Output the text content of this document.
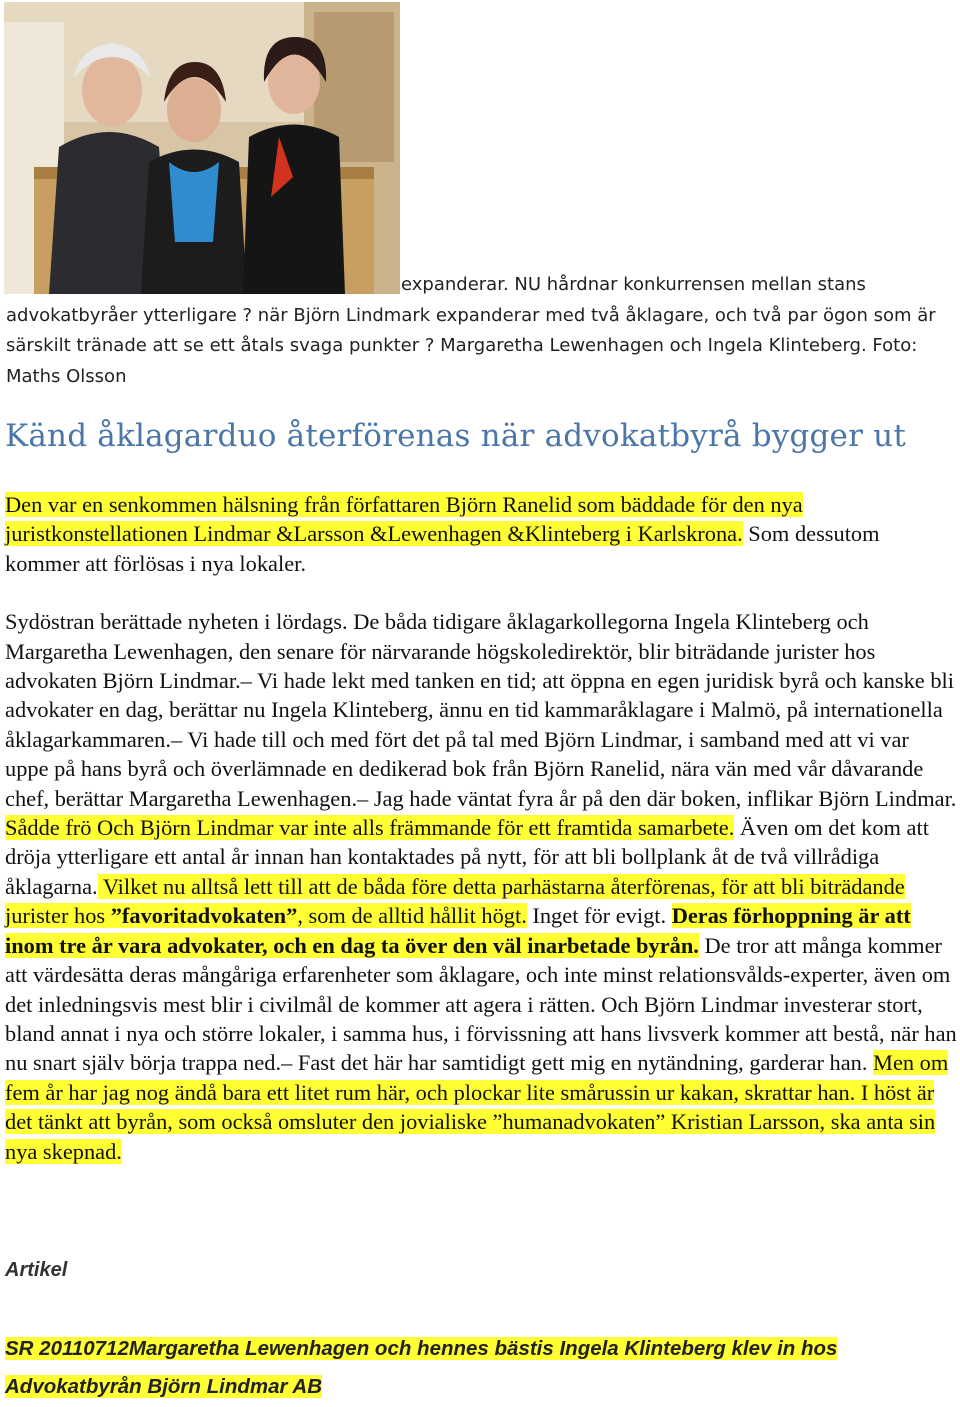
expanderar. NU hårdnar konkurrensen mellan stans advokatbyråer ytterligare ? när Björn Lindmark expanderar med två åklagare, och två par ögon som är särskilt tränade att se ett åtals svaga punkter ? Margaretha Lewenhagen och Ingela Klinteberg. Foto: Maths Olsson
Känd åklagarduo återförenas när advokatbyrå bygger ut

Den var en senkommen hälsning från författaren Björn Ranelid som bäddade för den nya juristkonstellationen Lindmar &Larsson &Lewenhagen &Klinteberg i Karlskrona. Som dessutom kommer att förlösas i nya lokaler.

Sydöstran berättade nyheten i lördags. De båda tidigare åklagarkollegorna Ingela Klinteberg och Margaretha Lewenhagen, den senare för närvarande högskoledirektör, blir biträdande jurister hos advokaten Björn Lindmar.– Vi hade lekt med tanken en tid; att öppna en egen juridisk byrå och kanske bli advokater en dag, berättar nu Ingela Klinteberg, ännu en tid kammaråklagare i Malmö, på internationella åklagarkammaren.– Vi hade till och med fört det på tal med Björn Lindmar, i samband med att vi var uppe på hans byrå och överlämnade en dedikerad bok från Björn Ranelid, nära vän med vår dåvarande chef, berättar Margaretha Lewenhagen.– Jag hade väntat fyra år på den där boken, inflikar Björn Lindmar. Sådde frö Och Björn Lindmar var inte alls främmande för ett framtida samarbete. Även om det kom att dröja ytterligare ett antal år innan han kontaktades på nytt, för att bli bollplank åt de två villrådiga åklagarna. Vilket nu alltså lett till att de båda före detta parhästarna återförenas, för att bli biträdande jurister hos ”favoritadvokaten”, som de alltid hållit högt. Inget för evigt. Deras förhoppning är att inom tre år vara advokater, och en dag ta över den väl inarbetade byrån. De tror att många kommer att värdesätta deras mångåriga erfarenheter som åklagare, och inte minst relationsvålds-experter, även om det inledningsvis mest blir i civilmål de kommer att agera i rätten. Och Björn Lindmar investerar stort, bland annat i nya och större lokaler, i samma hus, i förvissning att hans livsverk kommer att bestå, när han nu snart själv börja trappa ned.– Fast det här har samtidigt gett mig en nytändning, garderar han. Men om fem år har jag nog ändå bara ett litet rum här, och plockar lite smårussin ur kakan, skrattar han. I höst är det tänkt att byrån, som också omsluter den jovialiske ”humanadvokaten” Kristian Larsson, ska anta sin nya skepnad.

Artikel
SR 20110712Margaretha Lewenhagen och hennes bästis Ingela Klinteberg klev in hos
Advokatbyrån Björn Lindmar AB
